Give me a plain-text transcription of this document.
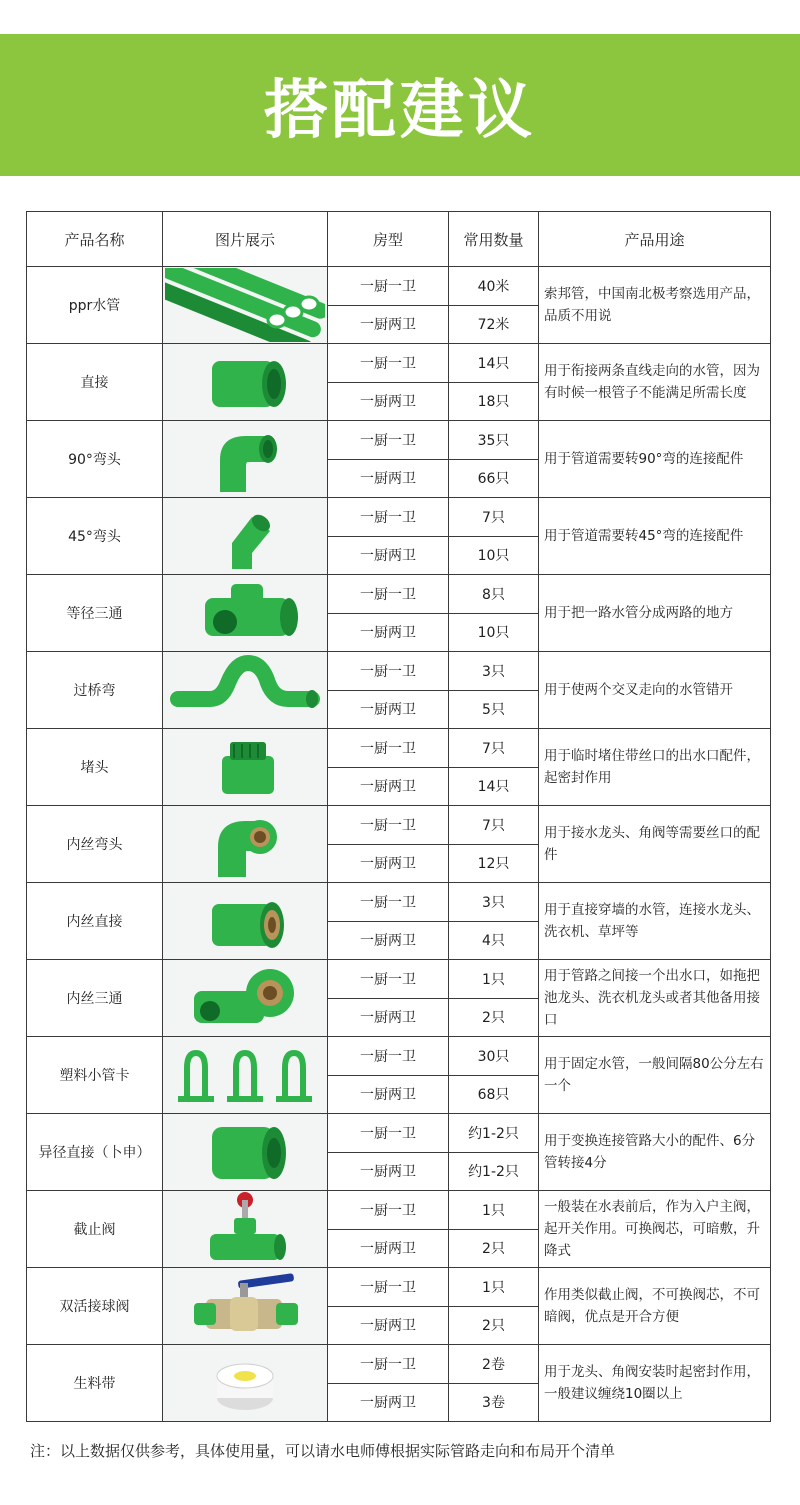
搭配建议
产品名称	图片展示	房型	常用数量	产品用途
ppr水管		一厨一卫	40米	索邦管，中国南北极考察选用产品，品质不用说
		一厨两卫	72米	
直接		一厨一卫	14只	用于衔接两条直线走向的水管，因为有时候一根管子不能满足所需长度
		一厨两卫	18只	
90°弯头		一厨一卫	35只	用于管道需要转90°弯的连接配件
		一厨两卫	66只	
45°弯头		一厨一卫	7只	用于管道需要转45°弯的连接配件
		一厨两卫	10只	
等径三通		一厨一卫	8只	用于把一路水管分成两路的地方
		一厨两卫	10只	
过桥弯		一厨一卫	3只	用于使两个交叉走向的水管错开
		一厨两卫	5只	
堵头		一厨一卫	7只	用于临时堵住带丝口的出水口配件，起密封作用
		一厨两卫	14只	
内丝弯头		一厨一卫	7只	用于接水龙头、角阀等需要丝口的配件
		一厨两卫	12只	
内丝直接		一厨一卫	3只	用于直接穿墙的水管，连接水龙头、洗衣机、草坪等
		一厨两卫	4只	
内丝三通		一厨一卫	1只	用于管路之间接一个出水口，如拖把池龙头、洗衣机龙头或者其他备用接口
		一厨两卫	2只	
塑料小管卡		一厨一卫	30只	用于固定水管，一般间隔80公分左右一个
		一厨两卫	68只	
异径直接（卜申）		一厨一卫	约1-2只	用于变换连接管路大小的配件、6分管转接4分
		一厨两卫	约1-2只	
截止阀		一厨一卫	1只	一般装在水表前后，作为入户主阀，起开关作用。可换阀芯，可暗敷，升降式
		一厨两卫	2只	
双活接球阀		一厨一卫	1只	作用类似截止阀，不可换阀芯，不可暗阀，优点是开合方便
		一厨两卫	2只	
生料带		一厨一卫	2卷	用于龙头、角阀安装时起密封作用，一般建议缠绕10圈以上
		一厨两卫	3卷	
注：以上数据仅供参考，具体使用量，可以请水电师傅根据实际管路走向和布局开个清单
